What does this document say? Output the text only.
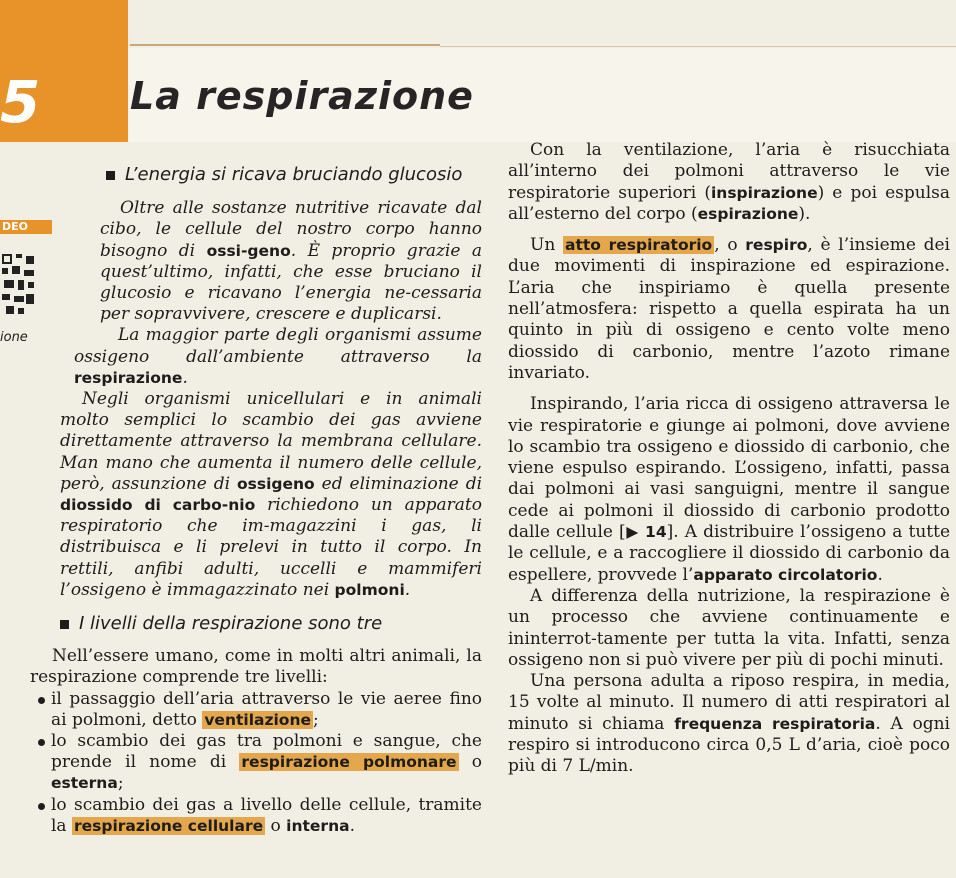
5 La respirazione
DEO
ione

L’energia si ricava bruciando glucosio

Oltre alle sostanze nutritive ricavate dal cibo, le cellule del nostro corpo hanno bisogno di ossi-geno. È proprio grazie a quest’ultimo, infatti, che esse bruciano il glucosio e ricavano l’energia ne-cessaria per sopravvivere, crescere e duplicarsi.

La maggior parte degli organismi assume ossigeno dall’ambiente attraverso la respirazione.

Negli organismi unicellulari e in animali molto semplici lo scambio dei gas avviene direttamente attraverso la membrana cellulare. Man mano che aumenta il numero delle cellule, però, assunzione di ossigeno ed eliminazione di diossido di carbo-nio richiedono un apparato respiratorio che im-magazzini i gas, li distribuisca e li prelevi in tutto il corpo. In rettili, anfibi adulti, uccelli e mammiferi l’ossigeno è immagazzinato nei polmoni.

I livelli della respirazione sono tre

Nell’essere umano, come in molti altri animali, la respirazione comprende tre livelli:

il passaggio dell’aria attraverso le vie aeree fino ai polmoni, detto ventilazione ;
lo scambio dei gas tra polmoni e sangue, che prende il nome di respirazione polmonare o esterna;
lo scambio dei gas a livello delle cellule, tramite la respirazione cellulare o interna.

Con la ventilazione, l’aria è risucchiata all’interno dei polmoni attraverso le vie respiratorie superiori (inspirazione) e poi espulsa all’esterno del corpo (espirazione).

Un atto respiratorio , o respiro, è l’insieme dei due movimenti di inspirazione ed espirazione. L’aria che inspiriamo è quella presente nell’atmosfera: rispetto a quella espirata ha un quinto in più di ossigeno e cento volte meno diossido di carbonio, mentre l’azoto rimane invariato.

Inspirando, l’aria ricca di ossigeno attraversa le vie respiratorie e giunge ai polmoni, dove avviene lo scambio tra ossigeno e diossido di carbonio, che viene espulso espirando. L’ossigeno, infatti, passa dai polmoni ai vasi sanguigni, mentre il sangue cede ai polmoni il diossido di carbonio prodotto dalle cellule [▶ 14]. A distribuire l’ossigeno a tutte le cellule, e a raccogliere il diossido di carbonio da espellere, provvede l’apparato circolatorio.

A differenza della nutrizione, la respirazione è un processo che avviene continuamente e ininterrot-tamente per tutta la vita. Infatti, senza ossigeno non si può vivere per più di pochi minuti.

Una persona adulta a riposo respira, in media, 15 volte al minuto. Il numero di atti respiratori al minuto si chiama frequenza respiratoria. A ogni respiro si introducono circa 0,5 L d’aria, cioè poco più di 7 L/min.
